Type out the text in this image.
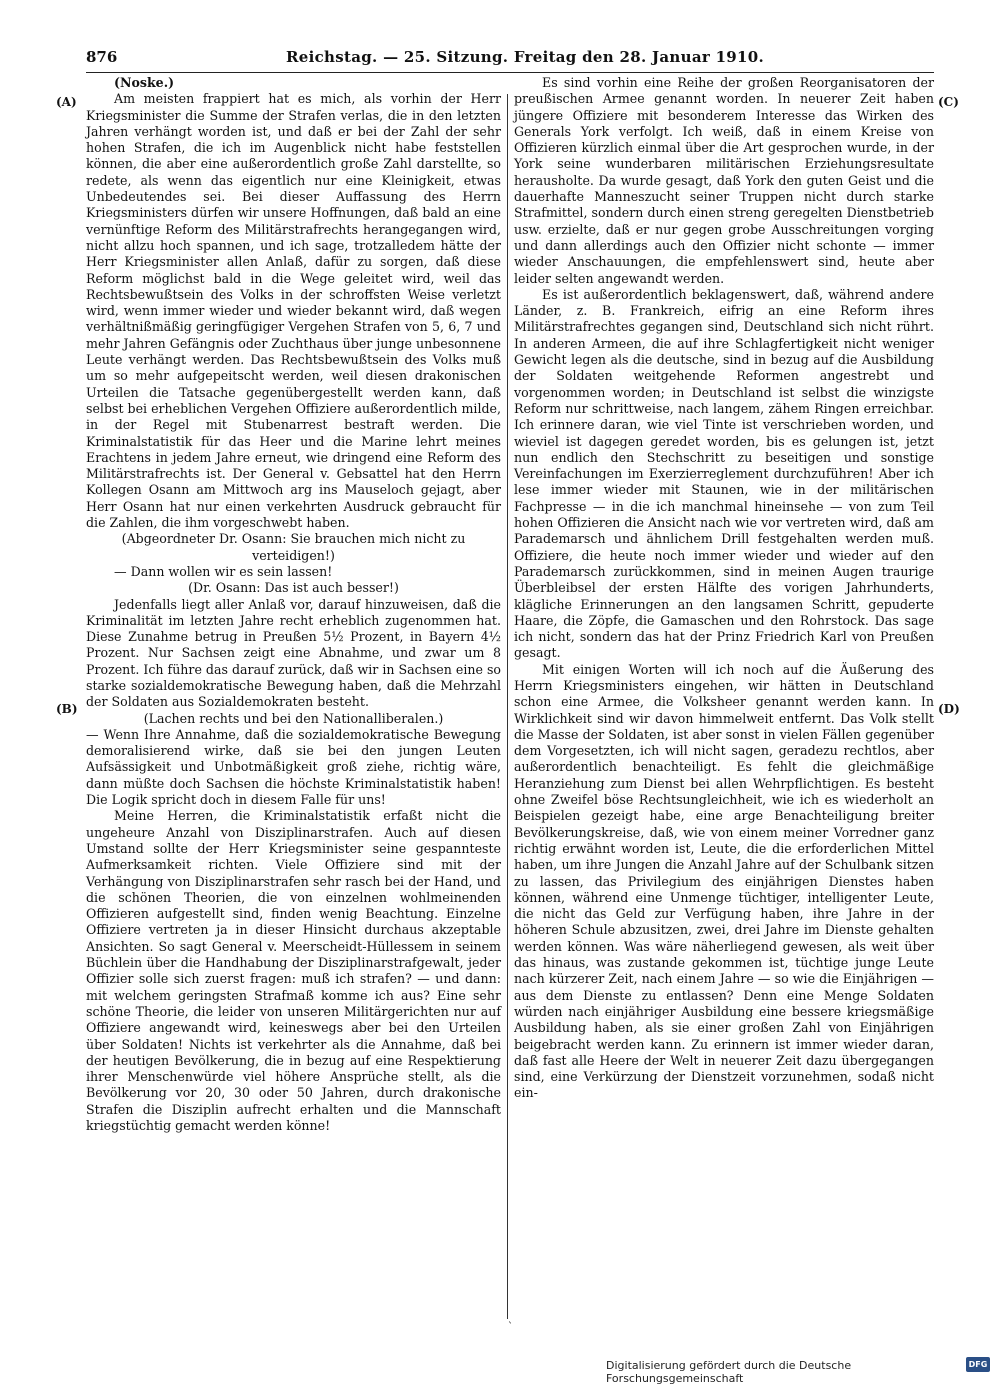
876	Reichstag. — 25. Sitzung. Freitag den 28. Januar 1910.
(A)
(B)
(C)
(D)

(Noske.)

Am meisten frappiert hat es mich, als vorhin der Herr Kriegsminister die Summe der Strafen verlas, die in den letzten Jahren verhängt worden ist, und daß er bei der Zahl der sehr hohen Strafen, die ich im Augenblick nicht habe feststellen können, die aber eine außerordentlich große Zahl darstellte, so redete, als wenn das eigentlich nur eine Kleinigkeit, etwas Unbedeutendes sei. Bei dieser Auffassung des Herrn Kriegsministers dürfen wir unsere Hoffnungen, daß bald an eine vernünftige Reform des Militärstrafrechts herangegangen wird, nicht allzu hoch spannen, und ich sage, trotzalledem hätte der Herr Kriegsminister allen Anlaß, dafür zu sorgen, daß diese Reform möglichst bald in die Wege geleitet wird, weil das Rechtsbewußtsein des Volks in der schroffsten Weise verletzt wird, wenn immer wieder und wieder bekannt wird, daß wegen verhältnißmäßig geringfügiger Vergehen Strafen von 5, 6, 7 und mehr Jahren Gefängnis oder Zuchthaus über junge unbesonnene Leute verhängt werden. Das Rechtsbewußtsein des Volks muß um so mehr aufgepeitscht werden, weil diesen drakonischen Urteilen die Tatsache gegenübergestellt werden kann, daß selbst bei erheblichen Vergehen Offiziere außerordentlich milde, in der Regel mit Stubenarrest bestraft werden. Die Kriminalstatistik für das Heer und die Marine lehrt meines Erachtens in jedem Jahre erneut, wie dringend eine Reform des Militärstrafrechts ist. Der General v. Gebsattel hat den Herrn Kollegen Osann am Mittwoch arg ins Mauseloch gejagt, aber Herr Osann hat nur einen verkehrten Ausdruck gebraucht für die Zahlen, die ihm vorgeschwebt haben.

(Abgeordneter Dr. Osann: Sie brauchen mich nicht zu verteidigen!)

— Dann wollen wir es sein lassen!

(Dr. Osann: Das ist auch besser!)

Jedenfalls liegt aller Anlaß vor, darauf hinzuweisen, daß die Kriminalität im letzten Jahre recht erheblich zugenommen hat. Diese Zunahme betrug in Preußen 5½ Prozent, in Bayern 4½ Prozent. Nur Sachsen zeigt eine Abnahme, und zwar um 8 Prozent. Ich führe das darauf zurück, daß wir in Sachsen eine so starke sozialdemokratische Bewegung haben, daß die Mehrzahl der Soldaten aus Sozialdemokraten besteht.

(Lachen rechts und bei den Nationalliberalen.)

— Wenn Ihre Annahme, daß die sozialdemokratische Bewegung demoralisierend wirke, daß sie bei den jungen Leuten Aufsässigkeit und Unbotmäßigkeit groß ziehe, richtig wäre, dann müßte doch Sachsen die höchste Kriminalstatistik haben! Die Logik spricht doch in diesem Falle für uns!

Meine Herren, die Kriminalstatistik erfaßt nicht die ungeheure Anzahl von Disziplinarstrafen. Auch auf diesen Umstand sollte der Herr Kriegsminister seine gespannteste Aufmerksamkeit richten. Viele Offiziere sind mit der Verhängung von Disziplinarstrafen sehr rasch bei der Hand, und die schönen Theorien, die von einzelnen wohlmeinenden Offizieren aufgestellt sind, finden wenig Beachtung. Einzelne Offiziere vertreten ja in dieser Hinsicht durchaus akzeptable Ansichten. So sagt General v. Meerscheidt-Hüllessem in seinem Büchlein über die Handhabung der Disziplinarstrafgewalt, jeder Offizier solle sich zuerst fragen: muß ich strafen? — und dann: mit welchem geringsten Strafmaß komme ich aus? Eine sehr schöne Theorie, die leider von unseren Militärgerichten nur auf Offiziere angewandt wird, keineswegs aber bei den Urteilen über Soldaten! Nichts ist verkehrter als die Annahme, daß bei der heutigen Bevölkerung, die in bezug auf eine Respektierung ihrer Menschenwürde viel höhere Ansprüche stellt, als die Bevölkerung vor 20, 30 oder 50 Jahren, durch drakonische Strafen die Disziplin aufrecht erhalten und die Mannschaft kriegstüchtig gemacht werden könne!

Es sind vorhin eine Reihe der großen Reorganisatoren der preußischen Armee genannt worden. In neuerer Zeit haben jüngere Offiziere mit besonderem Interesse das Wirken des Generals York verfolgt. Ich weiß, daß in einem Kreise von Offizieren kürzlich einmal über die Art gesprochen wurde, in der York seine wunderbaren militärischen Erziehungsresultate herausholte. Da wurde gesagt, daß York den guten Geist und die dauerhafte Manneszucht seiner Truppen nicht durch starke Strafmittel, sondern durch einen streng geregelten Dienstbetrieb usw. erzielte, daß er nur gegen grobe Ausschreitungen vorging und dann allerdings auch den Offizier nicht schonte — immer wieder Anschauungen, die empfehlenswert sind, heute aber leider selten angewandt werden.

Es ist außerordentlich beklagenswert, daß, während andere Länder, z. B. Frankreich, eifrig an eine Reform ihres Militärstrafrechtes gegangen sind, Deutschland sich nicht rührt. In anderen Armeen, die auf ihre Schlagfertigkeit nicht weniger Gewicht legen als die deutsche, sind in bezug auf die Ausbildung der Soldaten weitgehende Reformen angestrebt und vorgenommen worden; in Deutschland ist selbst die winzigste Reform nur schrittweise, nach langem, zähem Ringen erreichbar. Ich erinnere daran, wie viel Tinte ist verschrieben worden, und wieviel ist dagegen geredet worden, bis es gelungen ist, jetzt nun endlich den Stechschritt zu beseitigen und sonstige Vereinfachungen im Exerzierreglement durchzuführen! Aber ich lese immer wieder mit Staunen, wie in der militärischen Fachpresse — in die ich manchmal hineinsehe — von zum Teil hohen Offizieren die Ansicht nach wie vor vertreten wird, daß am Parademarsch und ähnlichem Drill festgehalten werden muß. Offiziere, die heute noch immer wieder und wieder auf den Parademarsch zurückkommen, sind in meinen Augen traurige Überbleibsel der ersten Hälfte des vorigen Jahrhunderts, klägliche Erinnerungen an den langsamen Schritt, gepuderte Haare, die Zöpfe, die Gamaschen und den Rohrstock. Das sage ich nicht, sondern das hat der Prinz Friedrich Karl von Preußen gesagt.

Mit einigen Worten will ich noch auf die Äußerung des Herrn Kriegsministers eingehen, wir hätten in Deutschland schon eine Armee, die Volksheer genannt werden kann. In Wirklichkeit sind wir davon himmelweit entfernt. Das Volk stellt die Masse der Soldaten, ist aber sonst in vielen Fällen gegenüber dem Vorgesetzten, ich will nicht sagen, geradezu rechtlos, aber außerordentlich benachteiligt. Es fehlt die gleichmäßige Heranziehung zum Dienst bei allen Wehrpflichtigen. Es besteht ohne Zweifel böse Rechtsungleichheit, wie ich es wiederholt an Beispielen gezeigt habe, eine arge Benachteiligung breiter Bevölkerungskreise, daß, wie von einem meiner Vorredner ganz richtig erwähnt worden ist, Leute, die die erforderlichen Mittel haben, um ihre Jungen die Anzahl Jahre auf der Schulbank sitzen zu lassen, das Privilegium des einjährigen Dienstes haben können, während eine Unmenge tüchtiger, intelligenter Leute, die nicht das Geld zur Verfügung haben, ihre Jahre in der höheren Schule abzusitzen, zwei, drei Jahre im Dienste gehalten werden können. Was wäre näherliegend gewesen, als weit über das hinaus, was zustande gekommen ist, tüchtige junge Leute nach kürzerer Zeit, nach einem Jahre — so wie die Einjährigen — aus dem Dienste zu entlassen? Denn eine Menge Soldaten würden nach einjähriger Ausbildung eine bessere kriegsmäßige Ausbildung haben, als sie einer großen Zahl von Einjährigen beigebracht werden kann. Zu erinnern ist immer wieder daran, daß fast alle Heere der Welt in neuerer Zeit dazu übergegangen sind, eine Verkürzung der Dienstzeit vorzunehmen, sodaß nicht ein-

`
Digitalisierung gefördert durch die Deutsche Forschungsgemeinschaft
DFG
